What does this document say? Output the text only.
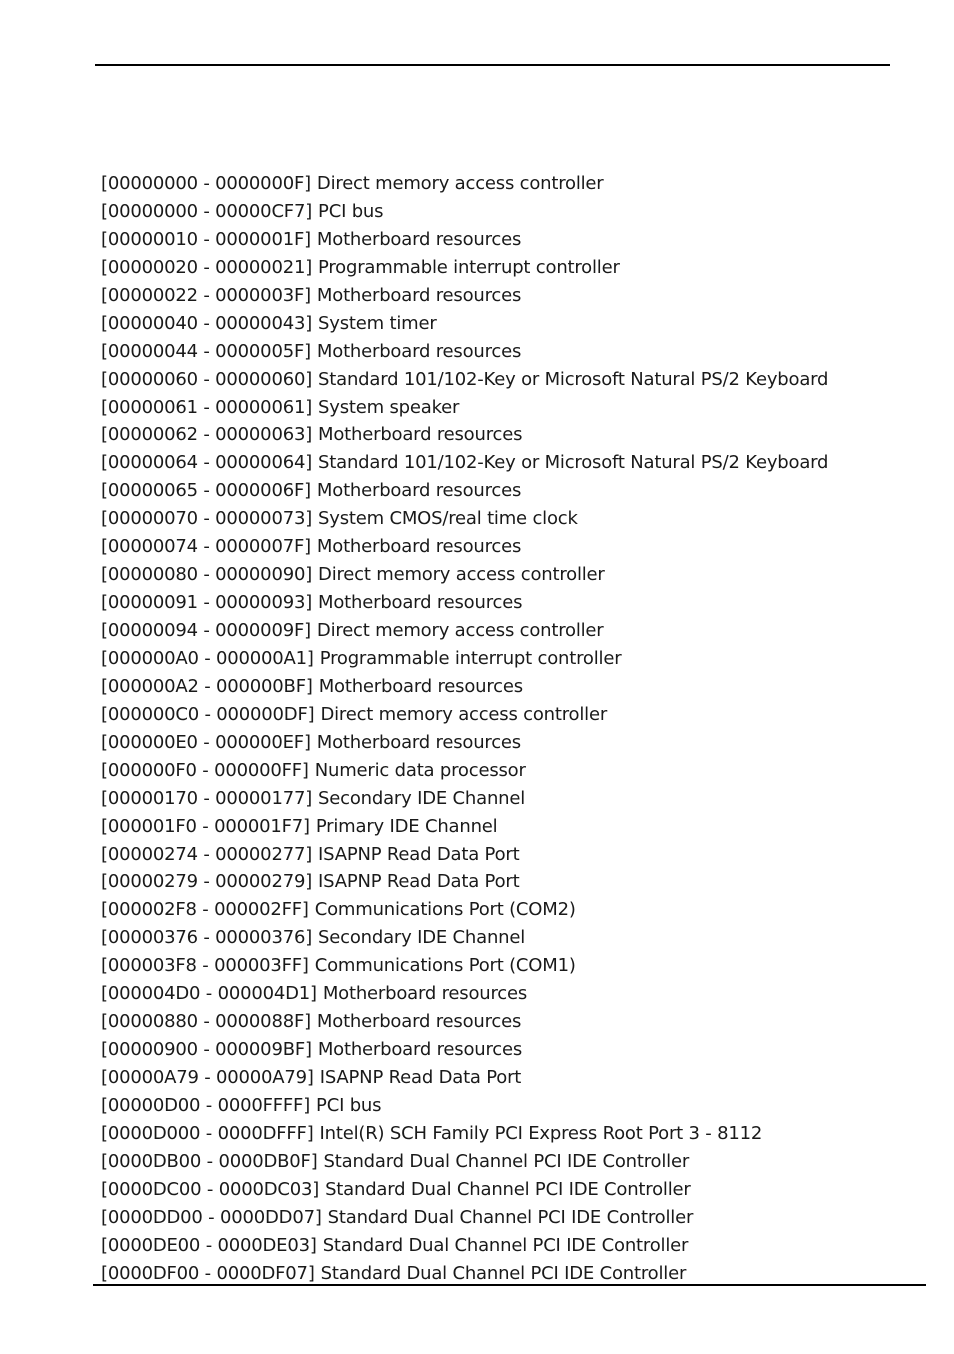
[00000000 - 0000000F] Direct memory access controller
[00000000 - 00000CF7] PCI bus
[00000010 - 0000001F] Motherboard resources
[00000020 - 00000021] Programmable interrupt controller
[00000022 - 0000003F] Motherboard resources
[00000040 - 00000043] System timer
[00000044 - 0000005F] Motherboard resources
[00000060 - 00000060] Standard 101/102-Key or Microsoft Natural PS/2 Keyboard
[00000061 - 00000061] System speaker
[00000062 - 00000063] Motherboard resources
[00000064 - 00000064] Standard 101/102-Key or Microsoft Natural PS/2 Keyboard
[00000065 - 0000006F] Motherboard resources
[00000070 - 00000073] System CMOS/real time clock
[00000074 - 0000007F] Motherboard resources
[00000080 - 00000090] Direct memory access controller
[00000091 - 00000093] Motherboard resources
[00000094 - 0000009F] Direct memory access controller
[000000A0 - 000000A1] Programmable interrupt controller
[000000A2 - 000000BF] Motherboard resources
[000000C0 - 000000DF] Direct memory access controller
[000000E0 - 000000EF] Motherboard resources
[000000F0 - 000000FF] Numeric data processor
[00000170 - 00000177] Secondary IDE Channel
[000001F0 - 000001F7] Primary IDE Channel
[00000274 - 00000277] ISAPNP Read Data Port
[00000279 - 00000279] ISAPNP Read Data Port
[000002F8 - 000002FF] Communications Port (COM2)
[00000376 - 00000376] Secondary IDE Channel
[000003F8 - 000003FF] Communications Port (COM1)
[000004D0 - 000004D1] Motherboard resources
[00000880 - 0000088F] Motherboard resources
[00000900 - 000009BF] Motherboard resources
[00000A79 - 00000A79] ISAPNP Read Data Port
[00000D00 - 0000FFFF] PCI bus
[0000D000 - 0000DFFF] Intel(R) SCH Family PCI Express Root Port 3 - 8112
[0000DB00 - 0000DB0F] Standard Dual Channel PCI IDE Controller
[0000DC00 - 0000DC03] Standard Dual Channel PCI IDE Controller
[0000DD00 - 0000DD07] Standard Dual Channel PCI IDE Controller
[0000DE00 - 0000DE03] Standard Dual Channel PCI IDE Controller
[0000DF00 - 0000DF07] Standard Dual Channel PCI IDE Controller
